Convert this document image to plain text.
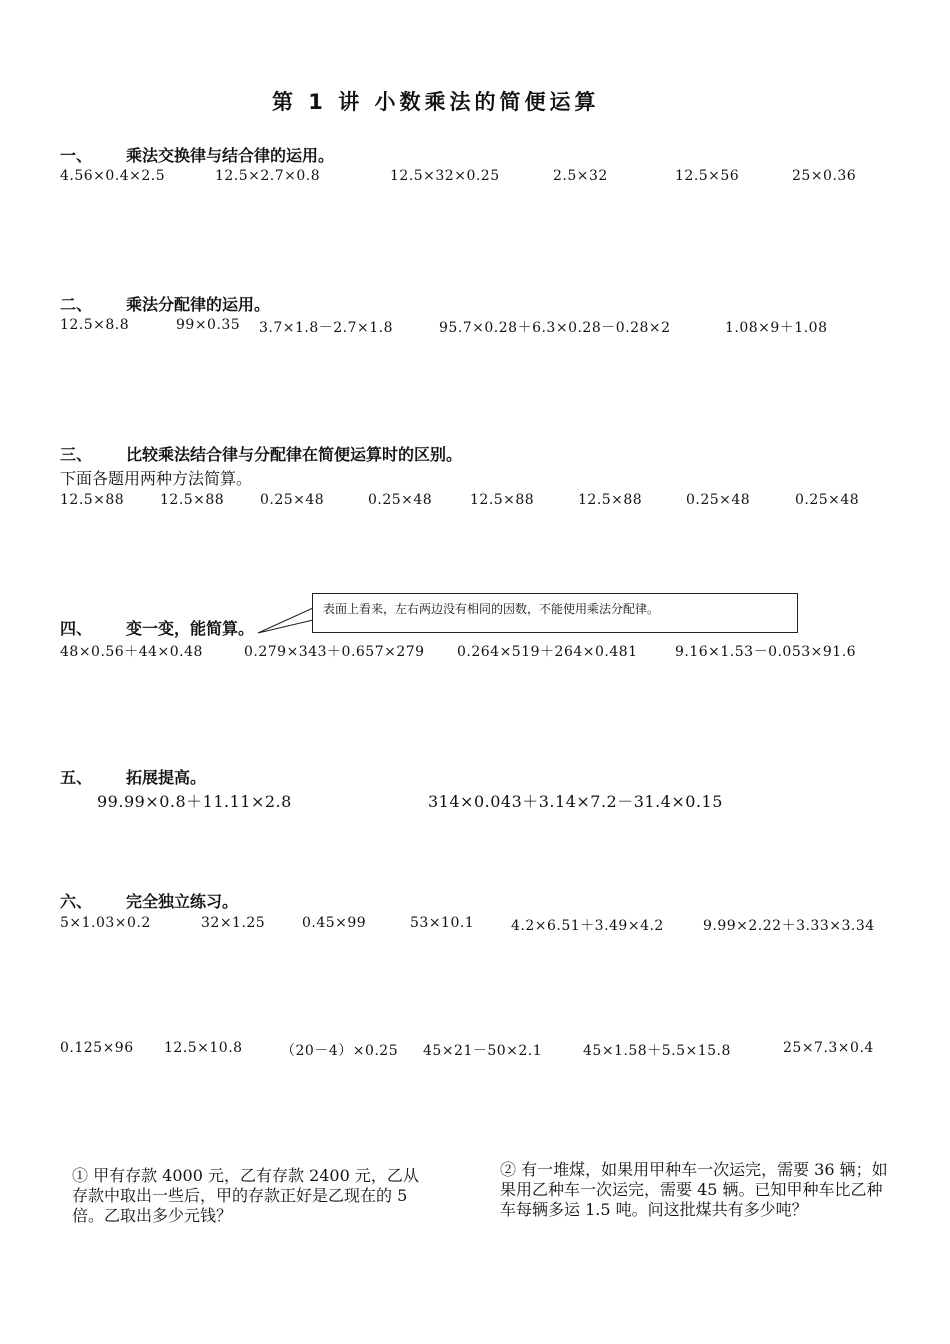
第 1 讲 小数乘法的简便运算
一、 乘法交换律与结合律的运用。
4.56×0.4×2.5	12.5×2.7×0.8	12.5×32×0.25	2.5×32	12.5×56	25×0.36
二、 乘法分配律的运用。
12.5×8.8	99×0.35 3.7×1.8－2.7×1.8	95.7×0.28＋6.3×0.28－0.28×2	1.08×9＋1.08
三、 比较乘法结合律与分配律在简便运算时的区别。
下面各题用两种方法简算。
12.5×88	12.5×88	0.25×48	0.25×48	12.5×88	12.5×88	0.25×48	0.25×48
四、 变一变，能简算。
表面上看来，左右两边没有相同的因数，不能使用乘法分配律。
48×0.56＋44×0.48	0.279×343＋0.657×279 0.264×519＋264×0.481	9.16×1.53－0.053×91.6
五、 拓展提高。
99.99×0.8＋11.11×2.8	314×0.043＋3.14×7.2－31.4×0.15
六、 完全独立练习。
5×1.03×0.2	32×1.25	0.45×99	53×10.1	4.2×6.51＋3.49×4.2	9.99×2.22＋3.33×3.34
0.125×96 12.5×10.8	（20－4）×0.25 45×21－50×2.1	45×1.58＋5.5×15.8	25×7.3×0.4
① 甲有存款 4000 元，乙有存款 2400 元，乙从存款中取出一些后，甲的存款正好是乙现在的 5 倍。乙取出多少元钱？
② 有一堆煤，如果用甲种车一次运完，需要 36 辆；如果用乙种车一次运完，需要 45 辆。已知甲种车比乙种车每辆多运 1.5 吨。问这批煤共有多少吨？
